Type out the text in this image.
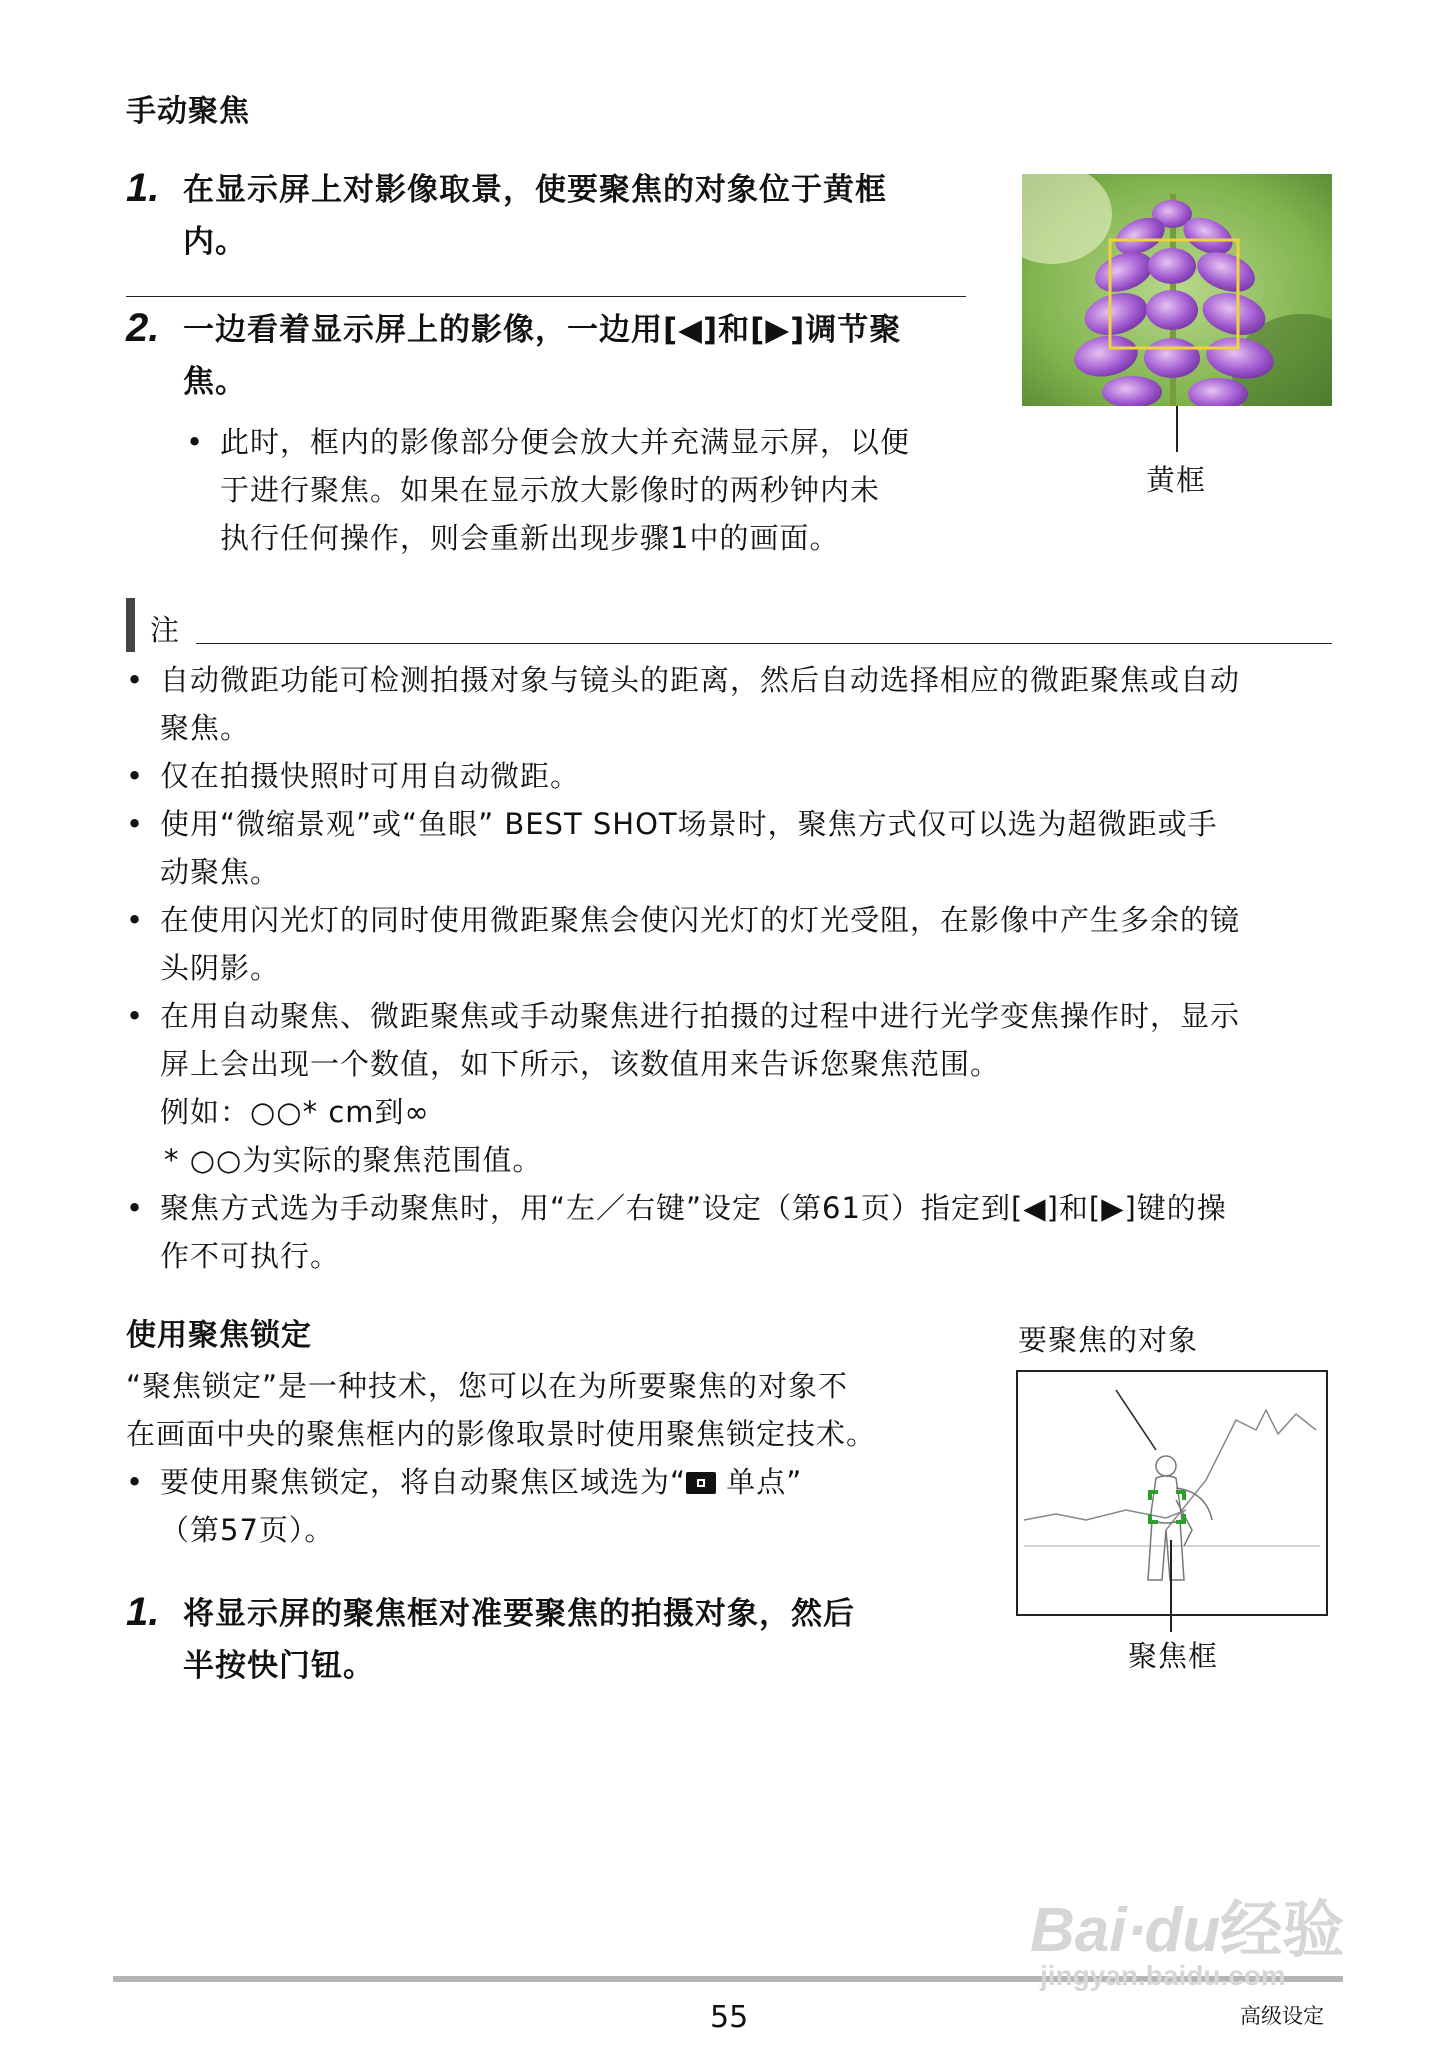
手动聚焦
1. 在显示屏上对影像取景，使要聚焦的对象位于黄框
内。
2. 一边看着显示屏上的影像，一边用[◀]和[▶]调节聚
焦。
• 此时，框内的影像部分便会放大并充满显示屏，以便
于进行聚焦。如果在显示放大影像时的两秒钟内未
执行任何操作，则会重新出现步骤1中的画面。
黄框
注
• 自动微距功能可检测拍摄对象与镜头的距离，然后自动选择相应的微距聚焦或自动
聚焦。
• 仅在拍摄快照时可用自动微距。
• 使用“微缩景观”或“鱼眼” BEST SHOT场景时，聚焦方式仅可以选为超微距或手
动聚焦。
• 在使用闪光灯的同时使用微距聚焦会使闪光灯的灯光受阻，在影像中产生多余的镜
头阴影。
• 在用自动聚焦、微距聚焦或手动聚焦进行拍摄的过程中进行光学变焦操作时，显示
屏上会出现一个数值，如下所示，该数值用来告诉您聚焦范围。
例如：○○* cm到∞
* ○○为实际的聚焦范围值。
• 聚焦方式选为手动聚焦时，用“左／右键”设定（第61页）指定到[◀]和[▶]键的操
作不可执行。
使用聚焦锁定
“聚焦锁定”是一种技术，您可以在为所要聚焦的对象不
在画面中央的聚焦框内的影像取景时使用聚焦锁定技术。
• 要使用聚焦锁定，将自动聚焦区域选为“
单点”
（第57页）。
1. 将显示屏的聚焦框对准要聚焦的拍摄对象，然后
半按快门钮。
要聚焦的对象
聚焦框
55	高级设定
Bai·du经验
jingyan.baidu.com
